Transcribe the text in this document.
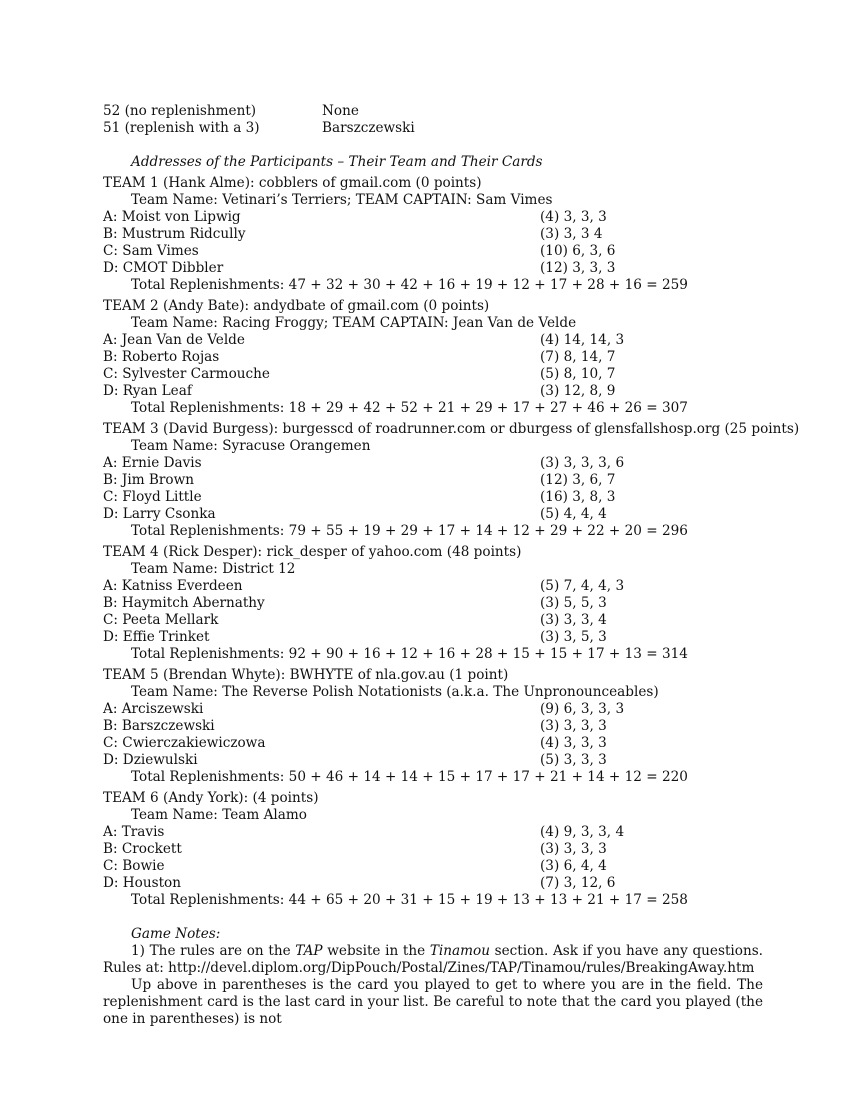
52 (no replenishment)	None
51 (replenish with a 3)	Barszczewski
Addresses of the Participants – Their Team and Their Cards
TEAM 1 (Hank Alme): cobblers of gmail.com (0 points)
Team Name: Vetinari’s Terriers; TEAM CAPTAIN: Sam Vimes
A: Moist von Lipwig	(4) 3, 3, 3
B: Mustrum Ridcully	(3) 3, 3 4
C: Sam Vimes	(10) 6, 3, 6
D: CMOT Dibbler	(12) 3, 3, 3
Total Replenishments: 47 + 32 + 30 + 42 + 16 + 19 + 12 + 17 + 28 + 16 = 259
TEAM 2 (Andy Bate): andydbate of gmail.com (0 points)
Team Name: Racing Froggy; TEAM CAPTAIN: Jean Van de Velde
A: Jean Van de Velde	(4) 14, 14, 3
B: Roberto Rojas	(7) 8, 14, 7
C: Sylvester Carmouche	(5) 8, 10, 7
D: Ryan Leaf	(3) 12, 8, 9
Total Replenishments: 18 + 29 + 42 + 52 + 21 + 29 + 17 + 27 + 46 + 26 = 307
TEAM 3 (David Burgess): burgesscd of roadrunner.com or dburgess of glensfallshosp.org (25 points)
Team Name: Syracuse Orangemen
A: Ernie Davis	(3) 3, 3, 3, 6
B: Jim Brown	(12) 3, 6, 7
C: Floyd Little	(16) 3, 8, 3
D: Larry Csonka	(5) 4, 4, 4
Total Replenishments: 79 + 55 + 19 + 29 + 17 + 14 + 12 + 29 + 22 + 20 = 296
TEAM 4 (Rick Desper): rick_desper of yahoo.com (48 points)
Team Name: District 12
A: Katniss Everdeen	(5) 7, 4, 4, 3
B: Haymitch Abernathy	(3) 5, 5, 3
C: Peeta Mellark	(3) 3, 3, 4
D: Effie Trinket	(3) 3, 5, 3
Total Replenishments: 92 + 90 + 16 + 12 + 16 + 28 + 15 + 15 + 17 + 13 = 314
TEAM 5 (Brendan Whyte): BWHYTE of nla.gov.au (1 point)
Team Name: The Reverse Polish Notationists (a.k.a. The Unpronounceables)
A: Arciszewski	(9) 6, 3, 3, 3
B: Barszczewski	(3) 3, 3, 3
C: Cwierczakiewiczowa	(4) 3, 3, 3
D: Dziewulski	(5) 3, 3, 3
Total Replenishments: 50 + 46 + 14 + 14 + 15 + 17 + 17 + 21 + 14 + 12 = 220
TEAM 6 (Andy York): (4 points)
Team Name: Team Alamo
A: Travis	(4) 9, 3, 3, 4
B: Crockett	(3) 3, 3, 3
C: Bowie	(3) 6, 4, 4
D: Houston	(7) 3, 12, 6
Total Replenishments: 44 + 65 + 20 + 31 + 15 + 19 + 13 + 13 + 21 + 17 = 258
Game Notes:

1) The rules are on the TAP website in the Tinamou section. Ask if you have any questions. Rules at: http://devel.diplom.org/DipPouch/Postal/Zines/TAP/Tinamou/rules/BreakingAway.htm

Up above in parentheses is the card you played to get to where you are in the field. The replenishment card is the last card in your list. Be careful to note that the card you played (the one in parentheses) is not
